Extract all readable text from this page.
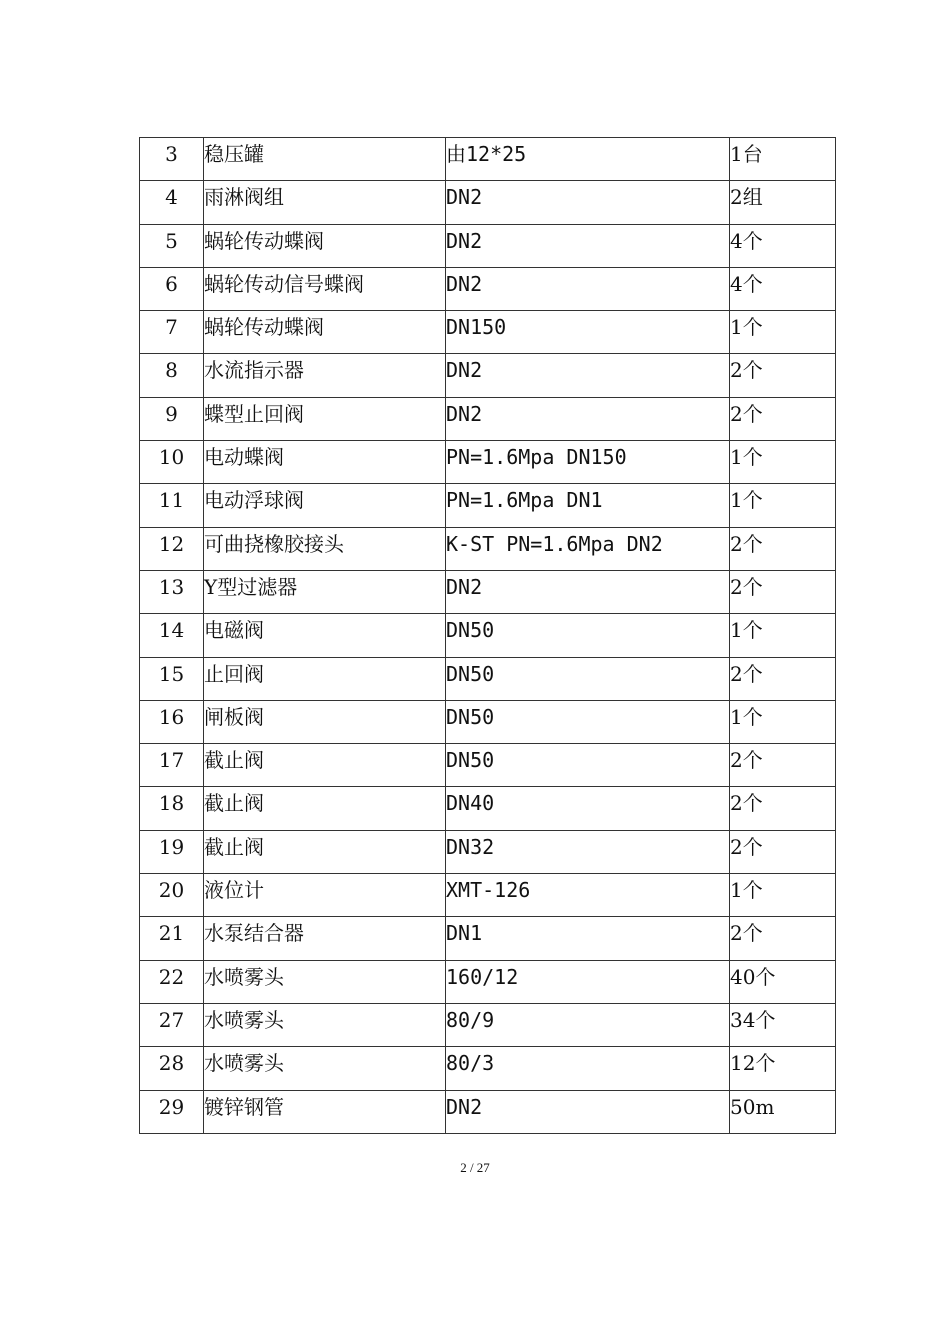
3	稳压罐	由12*25	1台
4	雨淋阀组	DN2	2组
5	蜗轮传动蝶阀	DN2	4个
6	蜗轮传动信号蝶阀	DN2	4个
7	蜗轮传动蝶阀	DN150	1个
8	水流指示器	DN2	2个
9	蝶型止回阀	DN2	2个
10	电动蝶阀	PN=1.6Mpa DN150	1个
11	电动浮球阀	PN=1.6Mpa DN1	1个
12	可曲挠橡胶接头	K-ST PN=1.6Mpa DN2	2个
13	Y型过滤器	DN2	2个
14	电磁阀	DN50	1个
15	止回阀	DN50	2个
16	闸板阀	DN50	1个
17	截止阀	DN50	2个
18	截止阀	DN40	2个
19	截止阀	DN32	2个
20	液位计	XMT-126	1个
21	水泵结合器	DN1	2个
22	水喷雾头	160/12	40个
27	水喷雾头	80/9	34个
28	水喷雾头	80/3	12个
29	镀锌钢管	DN2	50m
2 / 27
